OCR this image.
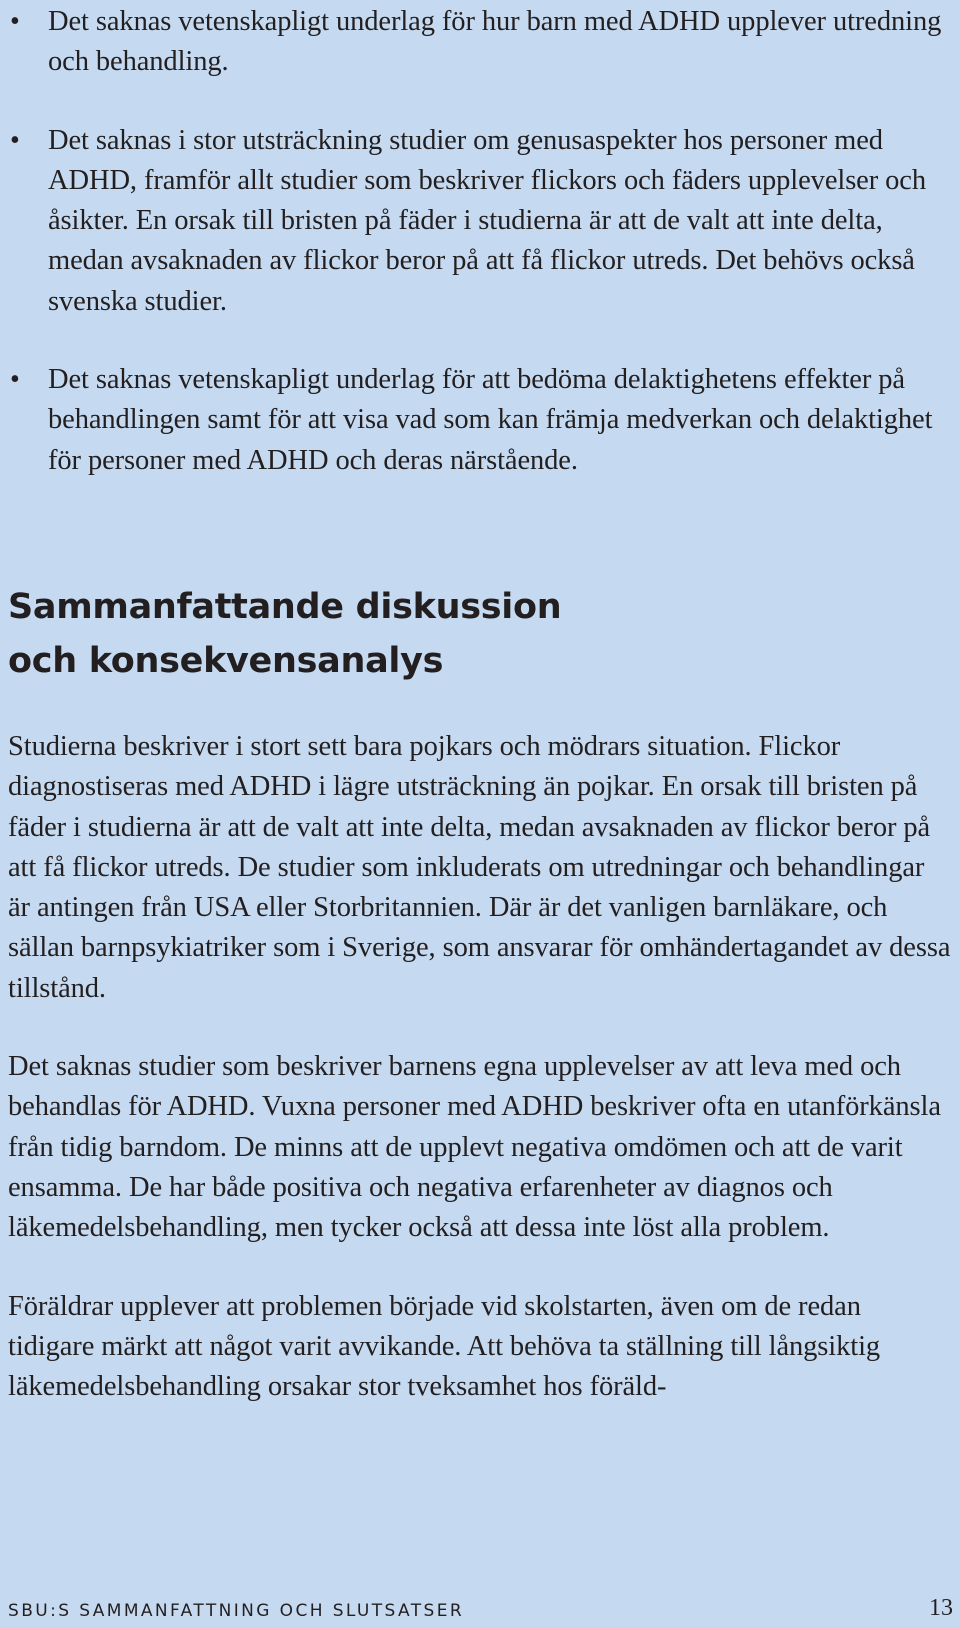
• Det saknas vetenskapligt underlag för hur barn med ADHD upplever utredning och behandling.
• Det saknas i stor utsträckning studier om genusaspekter hos personer med ADHD, framför allt studier som beskriver flickors och fäders upplevelser och åsikter. En orsak till bristen på fäder i studierna är att de valt att inte delta, medan avsaknaden av flickor beror på att få flickor utreds. Det behövs också svenska studier.
• Det saknas vetenskapligt underlag för att bedöma delaktighetens effekter på behandlingen samt för att visa vad som kan främja medverkan och delaktighet för personer med ADHD och deras närstående.
Sammanfattande diskussion
och konsekvensanalys

Studierna beskriver i stort sett bara pojkars och mödrars situation. Flickor diagnostiseras med ADHD i lägre utsträckning än pojkar. En orsak till bristen på fäder i studierna är att de valt att inte delta, medan avsaknaden av flickor beror på att få flickor utreds. De studier som inkluderats om utredningar och behandlingar är antingen från USA eller Storbritannien. Där är det vanligen barnläkare, och sällan barnpsykiatriker som i Sverige, som ansvarar för omhändertagandet av dessa tillstånd.

Det saknas studier som beskriver barnens egna upplevelser av att leva med och behandlas för ADHD. Vuxna personer med ADHD beskriver ofta en utanförkänsla från tidig barndom. De minns att de upplevt negativa omdömen och att de varit ensamma. De har både positiva och negativa erfarenheter av diagnos och läkemedelsbehandling, men tycker också att dessa inte löst alla problem.

Föräldrar upplever att problemen började vid skolstarten, även om de redan tidigare märkt att något varit avvikande. Att behöva ta ställning till långsiktig läkemedelsbehandling orsakar stor tveksamhet hos föräld-

SBU:S SAMMANFATTNING OCH SLUTSATSER	13
